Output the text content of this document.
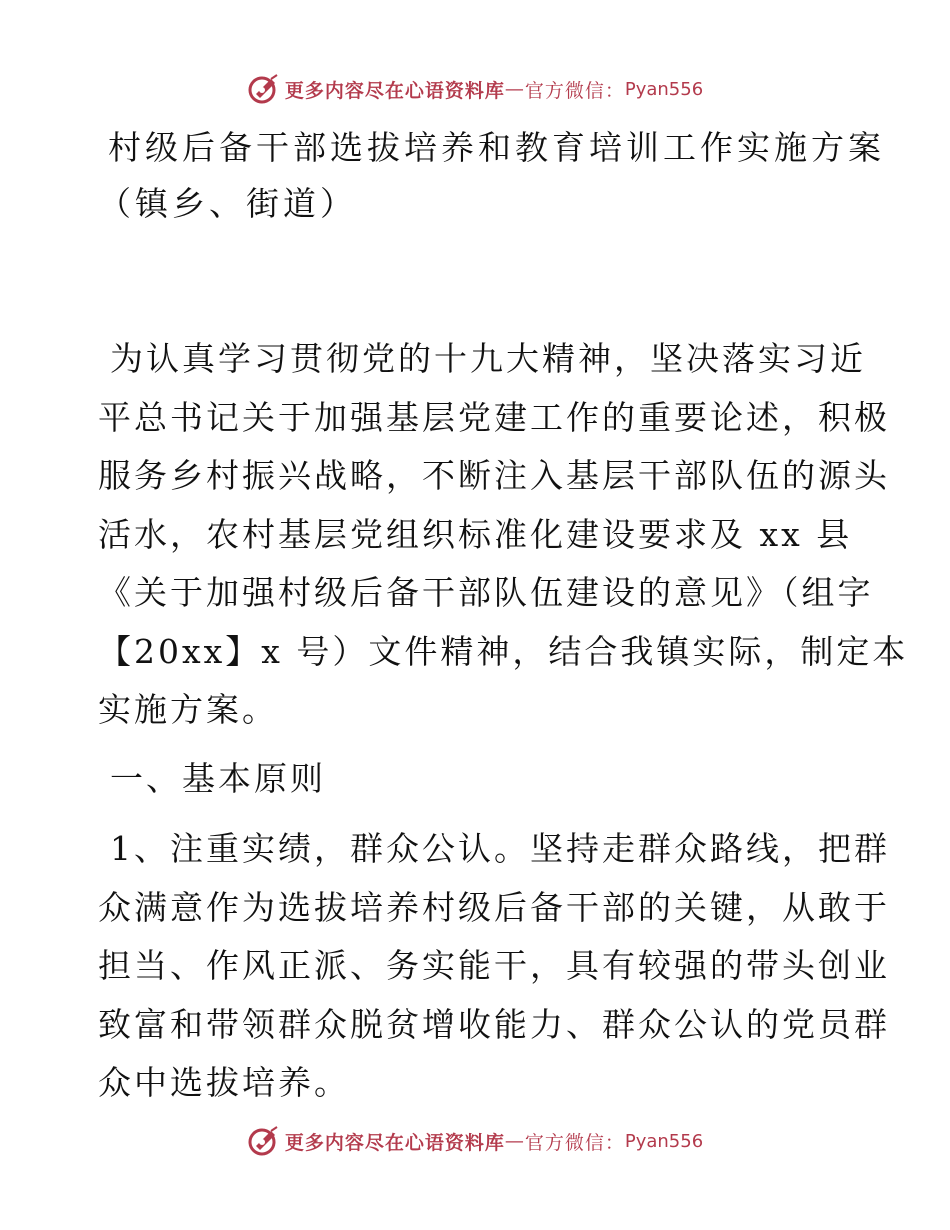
更多内容尽在心语资料库 — 官方微信： Pyan556
村级后备干部选拔培养和教育培训工作实施方案
（镇乡、街道）

为认真学习贯彻党的十九大精神，坚决落实习近
平总书记关于加强基层党建工作的重要论述，积极
服务乡村振兴战略，不断注入基层干部队伍的源头
活水，农村基层党组织标准化建设要求及 xx 县
《关于加强村级后备干部队伍建设的意见》（组字
【20xx】x 号）文件精神，结合我镇实际，制定本
实施方案。

一、基本原则

1、注重实绩，群众公认。坚持走群众路线，把群
众满意作为选拔培养村级后备干部的关键，从敢于
担当、作风正派、务实能干，具有较强的带头创业
致富和带领群众脱贫增收能力、群众公认的党员群
众中选拔培养。

更多内容尽在心语资料库 — 官方微信： Pyan556
